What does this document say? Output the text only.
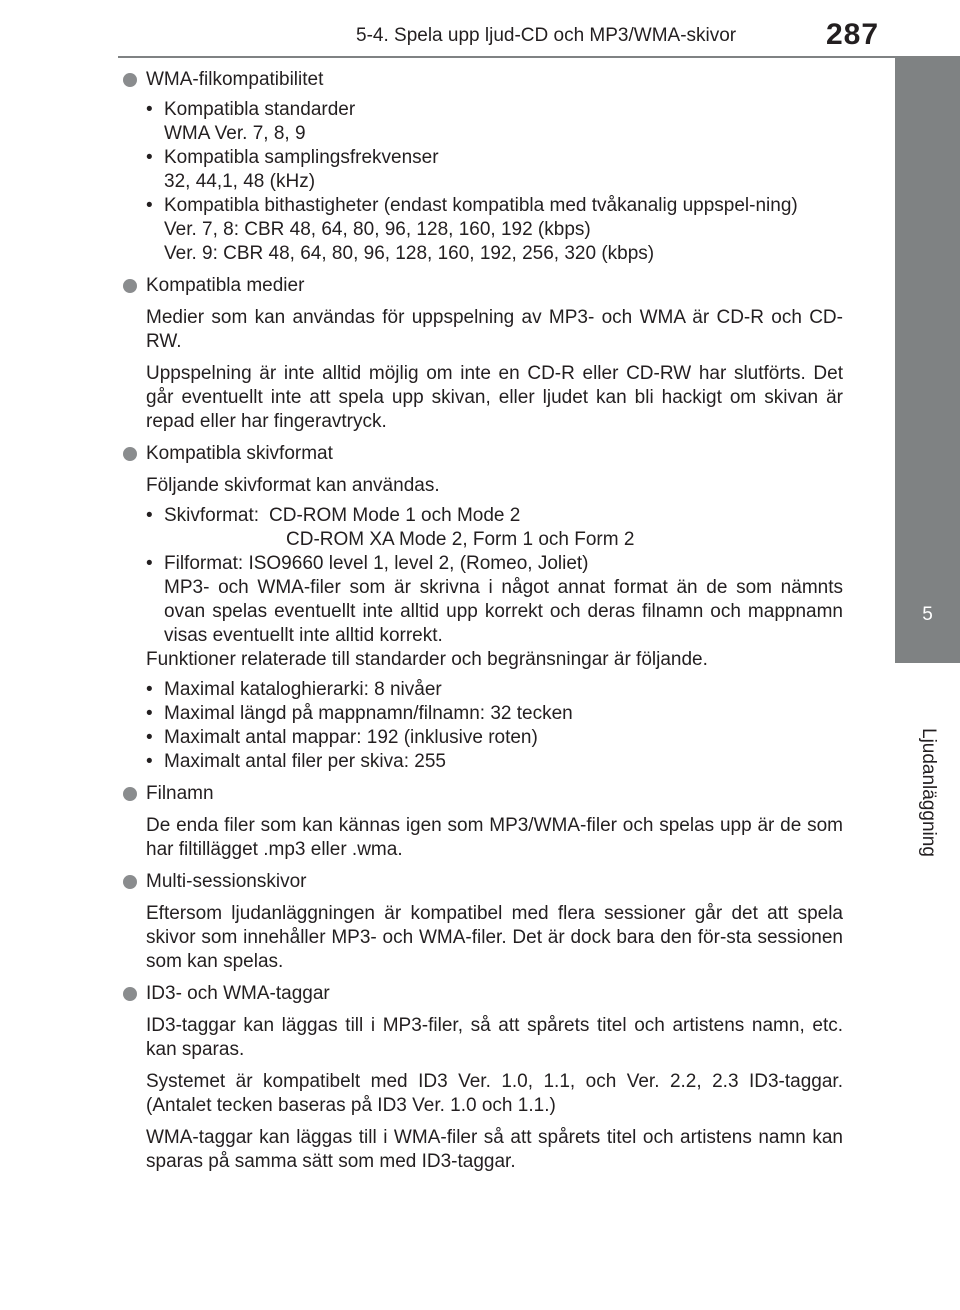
5-4. Spela upp ljud-CD och MP3/WMA-skivor	287
5
Ljudanläggning

WMA-filkompatibilitet

• Kompatibla standarder
WMA Ver. 7, 8, 9
• Kompatibla samplingsfrekvenser
32, 44,1, 48 (kHz)
• Kompatibla bithastigheter (endast kompatibla med tvåkanalig uppspel-ning)
Ver. 7, 8: CBR 48, 64, 80, 96, 128, 160, 192 (kbps)
Ver. 9: CBR 48, 64, 80, 96, 128, 160, 192, 256, 320 (kbps)

Kompatibla medier

Medier som kan användas för uppspelning av MP3- och WMA är CD-R och CD-RW.

Uppspelning är inte alltid möjlig om inte en CD-R eller CD-RW har slutförts. Det går eventuellt inte att spela upp skivan, eller ljudet kan bli hackigt om skivan är repad eller har fingeravtryck.

Kompatibla skivformat

Följande skivformat kan användas.

• Skivformat: CD-ROM Mode 1 och Mode 2
CD-ROM XA Mode 2, Form 1 och Form 2
• Filformat: ISO9660 level 1, level 2, (Romeo, Joliet)
MP3- och WMA-filer som är skrivna i något annat format än de som nämnts ovan spelas eventuellt inte alltid upp korrekt och deras filnamn och mappnamn visas eventuellt inte alltid korrekt.

Funktioner relaterade till standarder och begränsningar är följande.

• Maximal kataloghierarki: 8 nivåer
• Maximal längd på mappnamn/filnamn: 32 tecken
• Maximalt antal mappar: 192 (inklusive roten)
• Maximalt antal filer per skiva: 255

Filnamn

De enda filer som kan kännas igen som MP3/WMA-filer och spelas upp är de som har filtillägget .mp3 eller .wma.

Multi-sessionskivor

Eftersom ljudanläggningen är kompatibel med flera sessioner går det att spela skivor som innehåller MP3- och WMA-filer. Det är dock bara den för-sta sessionen som kan spelas.

ID3- och WMA-taggar

ID3-taggar kan läggas till i MP3-filer, så att spårets titel och artistens namn, etc. kan sparas.

Systemet är kompatibelt med ID3 Ver. 1.0, 1.1, och Ver. 2.2, 2.3 ID3-taggar. (Antalet tecken baseras på ID3 Ver. 1.0 och 1.1.)

WMA-taggar kan läggas till i WMA-filer så att spårets titel och artistens namn kan sparas på samma sätt som med ID3-taggar.
